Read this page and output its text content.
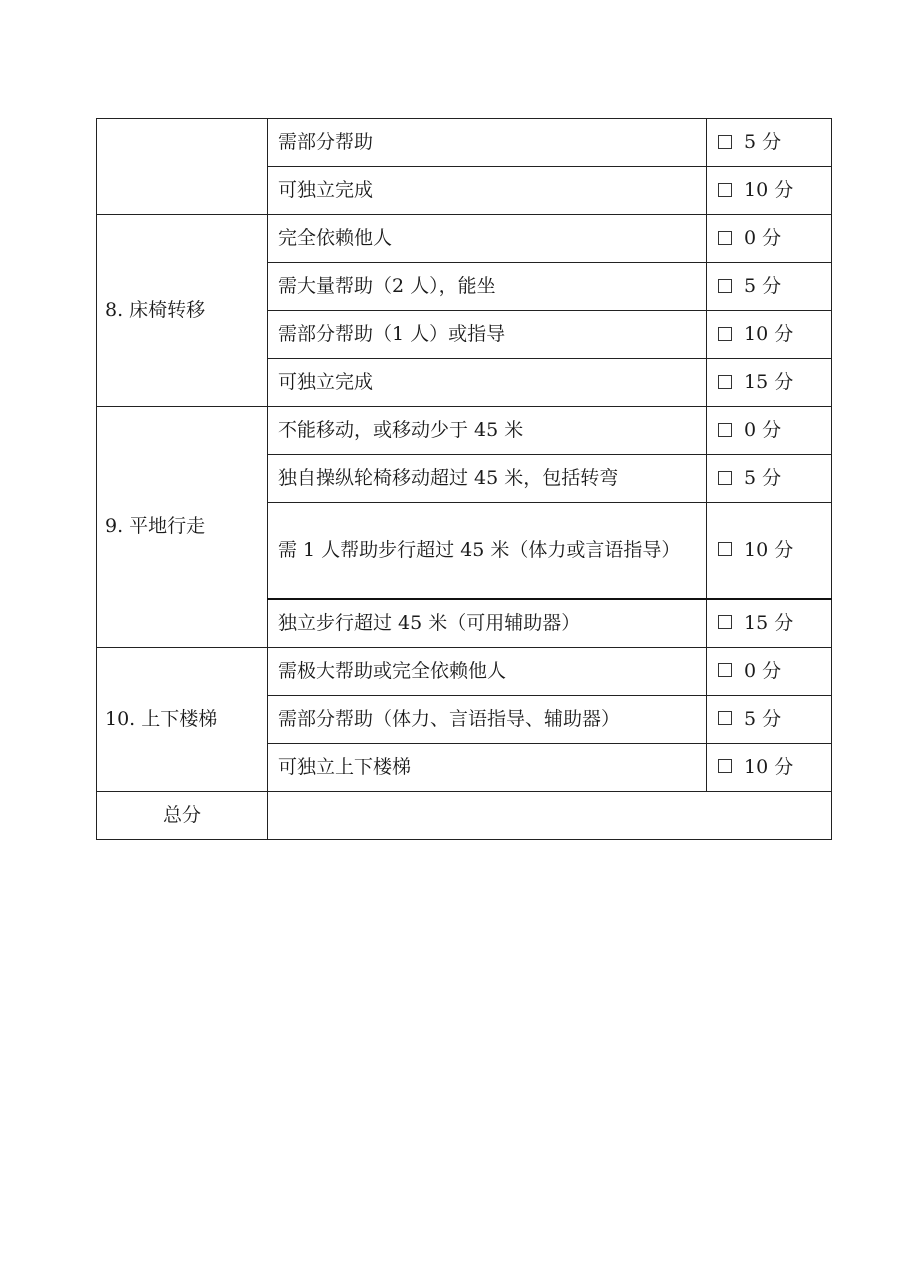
	需部分帮助	5 分
	可独立完成	10 分
8. 床椅转移	完全依赖他人	0 分
	需大量帮助（2 人），能坐	5 分
	需部分帮助（1 人）或指导	10 分
	可独立完成	15 分
9. 平地行走	不能移动，或移动少于 45 米	0 分
	独自操纵轮椅移动超过 45 米，包括转弯	5 分
	需 1 人帮助步行超过 45 米（体力或言语指导）	10 分
	独立步行超过 45 米（可用辅助器）	15 分
10. 上下楼梯	需极大帮助或完全依赖他人	0 分
	需部分帮助（体力、言语指导、辅助器）	5 分
	可独立上下楼梯	10 分
总分		
